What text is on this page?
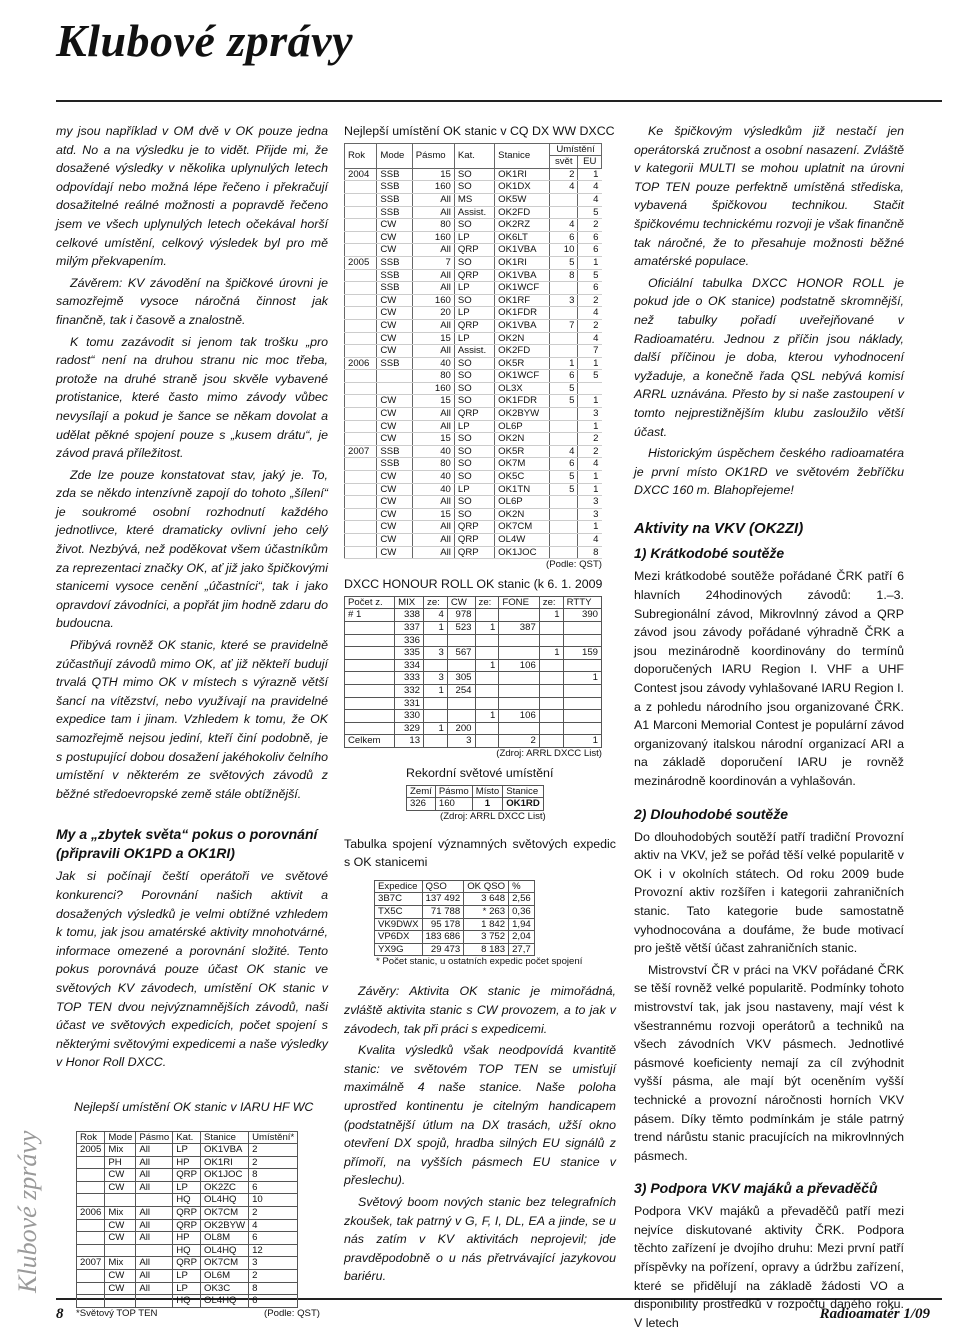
Klubové zprávy
Klubové zprávy

my jsou například v OM dvě v OK pouze jedna atd. No a na výsledku je to vidět. Přijde mi, že dosažené výsledky v několika uplynulých letech odpovídají nebo možná lépe řečeno i překračují dosažitelné reálné možnosti a popravdě řečeno jsem ve všech uplynulých letech očekával horší celkové umístění, celkový výsledek byl pro mě milým překvapením.

Závěrem: KV závodění na špičkové úrovni je samozřejmě vysoce náročná činnost jak finančně, tak i časově a znalostně.

K tomu zazávodit si jenom tak trošku „pro radost“ není na druhou stranu nic moc třeba, protože na druhé straně jsou skvěle vybavené protistanice, které často mimo závody vůbec nevysílají a pokud je šance se někam dovolat a udělat pěkné spojení pouze s „kusem drátu“, je závod pravá příležitost.

Zde lze pouze konstatovat stav, jaký je. To, zda se někdo intenzívně zapojí do tohoto „šílení“ je soukromé osobní rozhodnutí každého jednotlivce, které dramaticky ovlivní jeho celý život. Nezbývá, než poděkovat všem účastníkům za reprezentaci značky OK, ať již jako špičkovými stanicemi vysoce cenění „účastníci“, tak i jako opravdoví závodníci, a popřát jim hodně zdaru do budoucna.

Přibývá rovněž OK stanic, které se pravidelně zúčastňují závodů mimo OK, ať již někteří budují trvalá QTH mimo OK v místech s výrazně větší šancí na vítězství, nebo využívají na pravidelné expedice tam i jinam. Vzhledem k tomu, že OK samozřejmě nejsou jediní, kteří činí podobně, je s postupující dobou dosažení jakéhokoliv čelního umístění v některém ze světových závodů z běžné středoevropské země stále obtížnější.

My a „zbytek světa“ pokus o porovnání (připravili OK1PD a OK1RI)

Jak si počínají čeští operátoři ve světové konkurenci? Porovnání našich aktivit a dosažených výsledků je velmi obtížné vzhledem k tomu, jak jsou amatérské aktivity mnohotvárné, informace omezené a porovnání složité. Tento pokus porovnává pouze účast OK stanic ve světových KV závodech, umístění OK stanic v TOP TEN dvou nejvýznamnějších závodů, naši účast ve světových expedicích, počet spojení s některými světovými expedicemi a naše výsledky v Honor Roll DXCC.

Nejlepší umístění OK stanic v IARU HF WC
Rok	Mode	Pásmo	Kat.	Stanice	Umístění*
2005	Mix	All	LP	OK1VBA	2
	PH	All	HP	OK1RI	2
	CW	All	QRP	OK1JOC	8
	CW	All	LP	OK2ZC	6
			HQ	OL4HQ	10
2006	Mix	All	QRP	OK7CM	2
	CW	All	QRP	OK2BYW	4
	CW	All	HP	OL8M	6
			HQ	OL4HQ	12
2007	Mix	All	QRP	OK7CM	3
	CW	All	LP	OL6M	2
	CW	All	LP	OK3C	8
			HQ	OL4HQ	6
*Světový TOP TEN	(Podle: QST)
Nejlepší umístění OK stanic v CQ DX WW DXCC
Rok	Mode	Pásmo	Kat.	Stanice	Umístění	
					svět	EU
2004	SSB	15	SO	OK1RI	2	1
	SSB	160	SO	OK1DX	4	4
	SSB	All	MS	OK5W		4
	SSB	All	Assist.	OK2FD		5
	CW	80	SO	OK2RZ	4	2
	CW	160	LP	OK6LT	6	6
	CW	All	QRP	OK1VBA	10	6
2005	SSB	7	SO	OK1RI	5	1
	SSB	All	QRP	OK1VBA	8	5
	SSB	All	LP	OK1WCF		6
	CW	160	SO	OK1RF	3	2
	CW	20	LP	OK1FDR		4
	CW	All	QRP	OK1VBA	7	2
	CW	15	LP	OK2N		4
	CW	All	Assist.	OK2FD		7
2006	SSB	40	SO	OK5R	1	1
		80	SO	OK1WCF	6	5
		160	SO	OL3X	5	
	CW	15	SO	OK1FDR	5	1
	CW	All	QRP	OK2BYW		3
	CW	All	LP	OL6P		1
	CW	15	SO	OK2N		2
2007	SSB	40	SO	OK5R	4	2
	SSB	80	SO	OK7M	6	4
	CW	40	SO	OK5C	5	1
	CW	40	LP	OK1TN	5	1
	CW	All	SO	OL6P		3
	CW	15	SO	OK2N		3
	CW	All	QRP	OK7CM		1
	CW	All	QRP	OL4W		4
	CW	All	QRP	OK1JOC		8
(Podle: QST)
DXCC HONOUR ROLL OK stanic (k 6. 1. 2009
Počet z.	MIX	ze:	CW	ze:	FONE	ze:	RTTY
# 1	338	4	978			1	390
	337	1	523	1	387		
	336						
	335	3	567			1	159
	334			1	106		
	333	3	305				1
	332	1	254				
	331						
	330			1	106		
	329	1	200				
Celkem	13		3		2		1
(Zdroj: ARRL DXCC List)
Rekordní světové umístění
Zemí	Pásmo	Místo	Stanice
326	160	1	OK1RD
(Zdroj: ARRL DXCC List)

Tabulka spojení významných světových expedic s OK stanicemi

Expedice	QSO	OK QSO	%
3B7C	137 492	3 648	2,56
TX5C	71 788	* 263	0,36
VK9DWX	95 178	1 842	1,94
VP6DX	183 686	3 752	2,04
YX9G	29 473	8 183	27,7
* Počet stanic, u ostatních expedic počet spojení

Závěry: Aktivita OK stanic je mimořádná, zvláště aktivita stanic s CW provozem, a to jak v závodech, tak při práci s expedicemi.

Kvalita výsledků však neodpovídá kvantitě stanic: ve světovém TOP TEN se umisťují maximálně 4 naše stanice. Naše poloha uprostřed kontinentu je citelným handicapem (podstatnější útlum na DX trasách, užší okno otevření DX spojů, hradba silných EU signálů z přímoří, na vyšších pásmech EU stanice v přeslechu).

Světový boom nových stanic bez telegrafních zkoušek, tak patrný v G, F, I, DL, EA a jinde, se u nás zatím v KV aktivitách neprojevil; jde pravděpodobně o u nás přetrvávající jazykovou bariéru.

Ke špičkovým výsledkům již nestačí jen operátorská zručnost a osobní nasazení. Zvláště v kategorii MULTI se mohou uplatnit na úrovni TOP TEN pouze perfektně umístěná střediska, vybavená špičkovou technikou. Stačit špičkovému technickému rozvoji je však finančně tak náročné, že to přesahuje možnosti běžné amatérské populace.

Oficiální tabulka DXCC HONOR ROLL je pokud jde o OK stanice) podstatně skromnější, než tabulky pořadí uveřejňované v Radioamatéru. Jednou z příčin jsou náklady, další příčinou je doba, kterou vyhodnocení vyžaduje, a konečně řada QSL nebývá komisí ARRL uznávána. Přesto by si naše zastoupení v tomto nejprestižnějším klubu zasloužilo větší účast.

Historickým úspěchem českého radioamatéra je první místo OK1RD ve světovém žebříčku DXCC 160 m. Blahopřejeme!

Aktivity na VKV (OK2ZI)
1) Krátkodobé soutěže

Mezi krátkodobé soutěže pořádané ČRK patří 6 hlavních 24hodinových závodů: 1.–3. Subregionální závod, Mikrovlnný závod a QRP závod jsou závody pořádané výhradně ČRK a jsou mezinárodně koordinovány do termínů doporučených IARU Region I. VHF a UHF Contest jsou závody vyhlašované IARU Region I. a z pohledu národního jsou organizované ČRK. A1 Marconi Memorial Contest je populární závod organizovaný italskou národní organizací ARI a na základě doporučení IARU je rovněž mezinárodně koordinován a vyhlašován.

2) Dlouhodobé soutěže

Do dlouhodobých soutěží patří tradiční Provozní aktiv na VKV, jež se pořád těší velké popularitě v OK i v okolních státech. Od roku 2009 bude Provozní aktiv rozšířen i kategorii zahraničních stanic. Tato kategorie bude samostatně vyhodnocována a doufáme, že bude motivací pro ještě větší účast zahraničních stanic.

Mistrovství ČR v práci na VKV pořádané ČRK se těší rovněž velké popularitě. Podmínky tohoto mistrovství tak, jak jsou nastaveny, mají vést k všestrannému rozvoji operátorů a techniků na všech závodních VKV pásmech. Jednotlivé pásmové koeficienty nemají za cíl zvýhodnit vyšší pásma, ale mají být oceněním vyšší technické a provozní náročnosti horních VKV pásem. Díky těmto podmínkám je stále patrný trend nárůstu stanic pracujících na mikrovlnných pásmech.

3) Podpora VKV majáků a převaděčů

Podpora VKV majáků a převaděčů patří mezi nejvíce diskutované aktivity ČRK. Podpora těchto zařízení je dvojího druhu: Mezi první patří příspěvky na pořízení, opravy a údržbu zařízení, které se přidělují na základě žádosti VO a disponibility prostředků v rozpočtu daného roku. V letech

8	Radioamatér 1/09
